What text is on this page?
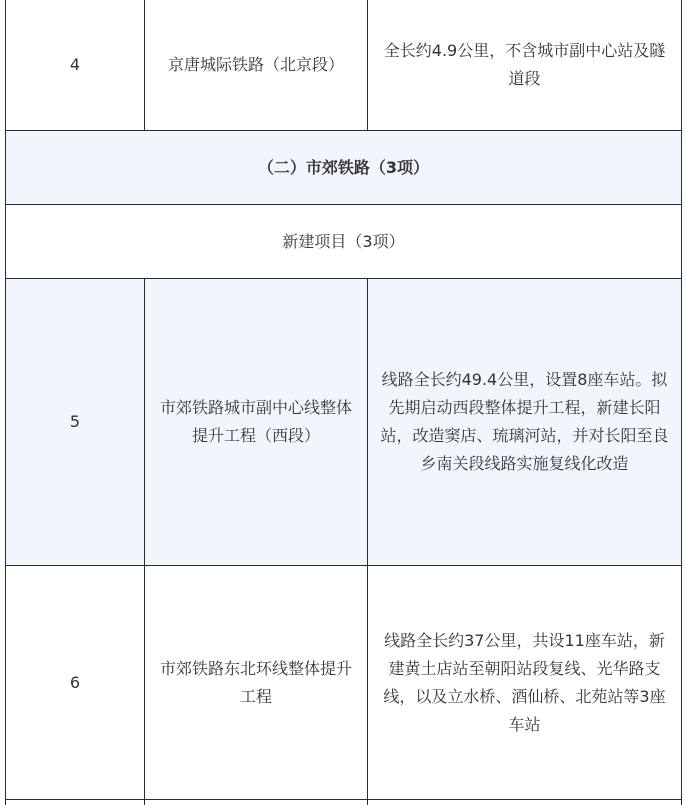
4	京唐城际铁路（北京段）
全长约4.9公里，不含城市副中心站及隧道段
（二）市郊铁路（3项）
新建项目（3项）
5
市郊铁路城市副中心线整体提升工程（西段）
线路全长约49.4公里，设置8座车站。拟先期启动西段整体提升工程，新建长阳站，改造窦店、琉璃河站，并对长阳至良乡南关段线路实施复线化改造
6
市郊铁路东北环线整体提升工程
线路全长约37公里，共设11座车站，新建黄土店站至朝阳站段复线、光华路支线，以及立水桥、酒仙桥、北苑站等3座车站
